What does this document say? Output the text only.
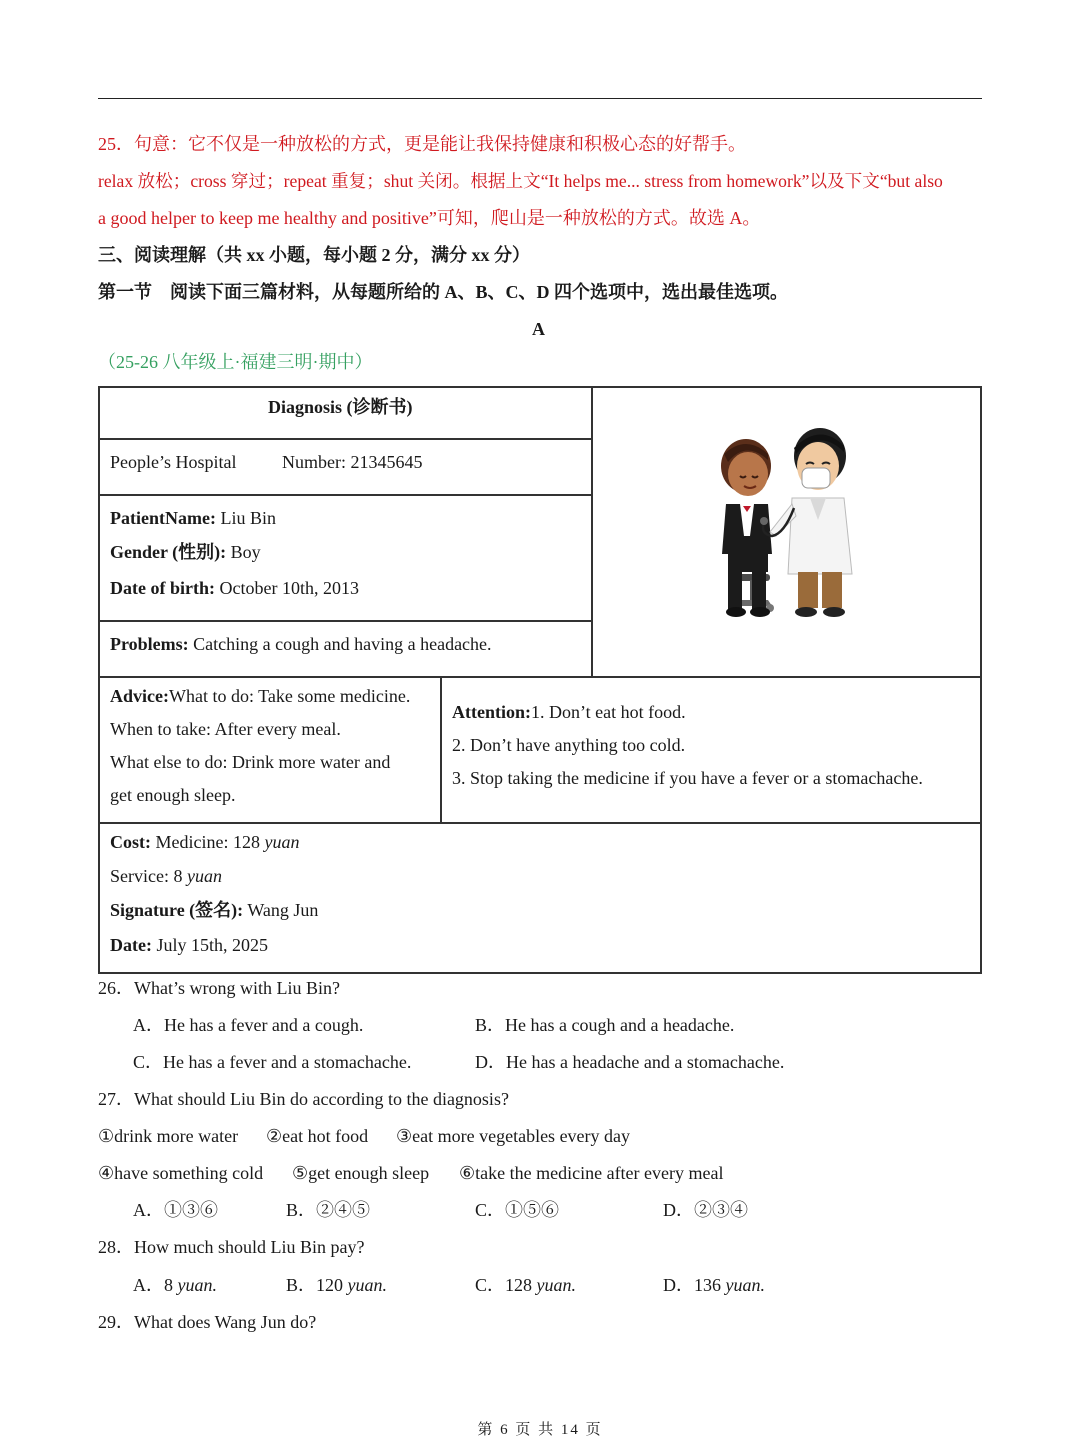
25．句意：它不仅是一种放松的方式，更是能让我保持健康和积极心态的好帮手。
relax 放松；cross 穿过；repeat 重复；shut 关闭。根据上文“It helps me... stress from homework”以及下文“but also
a good helper to keep me healthy and positive”可知，爬山是一种放松的方式。故选 A。
三、阅读理解（共 xx 小题，每小题 2 分，满分 xx 分）
第一节　阅读下面三篇材料，从每题所给的 A、B、C、D 四个选项中，选出最佳选项。
A
（25-26 八年级上·福建三明·期中）
Diagnosis (诊断书)
People’s Hospital	Number: 21345645
PatientName: Liu Bin
Gender (性别): Boy
Date of birth: October 10th, 2013
Problems: Catching a cough and having a headache.
Advice:What to do: Take some medicine.
When to take: After every meal.
What else to do: Drink more water and
get enough sleep.
Attention:1. Don’t eat hot food.
2. Don’t have anything too cold.
3. Stop taking the medicine if you have a fever or a stomachache.
Cost: Medicine: 128 yuan
Service: 8 yuan
Signature (签名): Wang Jun
Date: July 15th, 2025
26．What’s wrong with Liu Bin?
A．He has a fever and a cough.	B．He has a cough and a headache.
C．He has a fever and a stomachache.	D．He has a headache and a stomachache.
27．What should Liu Bin do according to the diagnosis?
①drink more water ②eat hot food ③eat more vegetables every day
④have something cold ⑤get enough sleep ⑥take the medicine after every meal
A．①③⑥	B．②④⑤	C．①⑤⑥	D．②③④
28．How much should Liu Bin pay?
A．8 yuan.	B．120 yuan.	C．128 yuan.	D．136 yuan.
29．What does Wang Jun do?
第 6 页 共 14 页
